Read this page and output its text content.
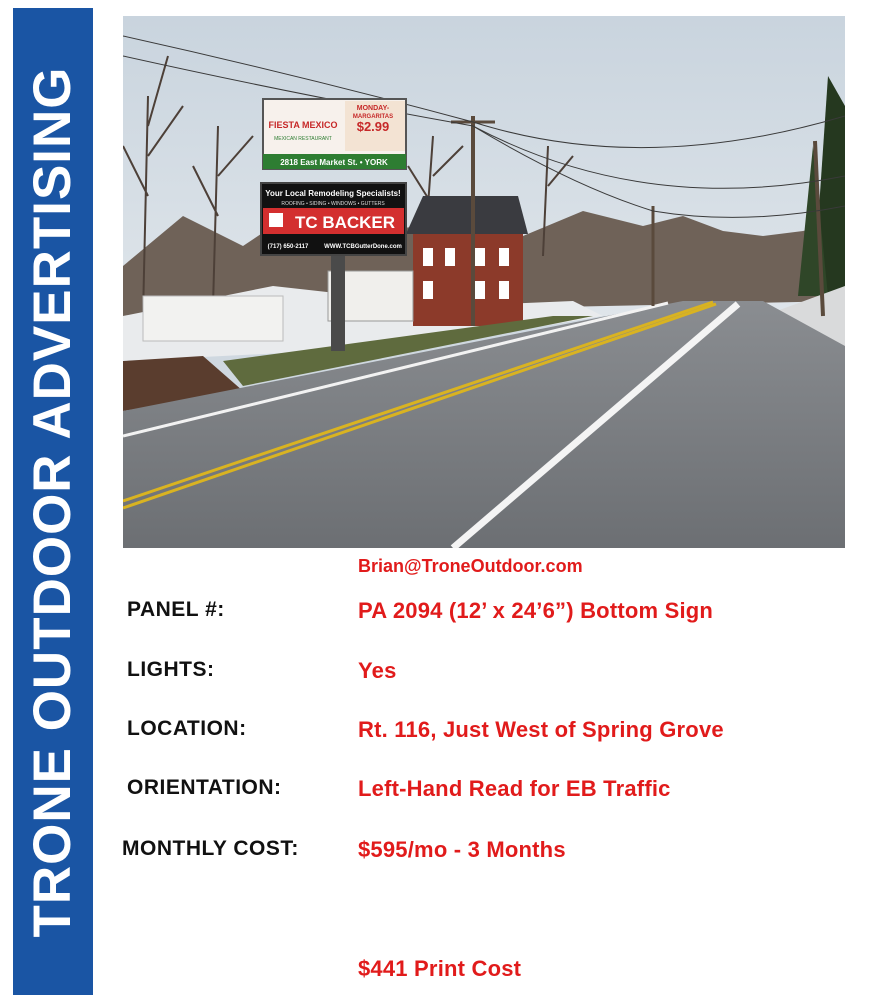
TRONE OUTDOOR ADVERTISING	MONDAY-
MARGARITAS
$2.99
FIESTA MEXICO
MEXICAN RESTAURANT
2818 East Market St. • YORK
Your Local Remodeling Specialists!
ROOFING • SIDING • WINDOWS • GUTTERS
TC BACKER
(717) 650-2117	WWW.TCBGutterDone.com
Brian@TroneOutdoor.com
PANEL #:	PA 2094 (12’ x 24’6”) Bottom Sign
LIGHTS:	Yes
LOCATION:	Rt. 116, Just West of Spring Grove
ORIENTATION:	Left-Hand Read for EB Traffic
MONTHLY COST:	$595/mo - 3 Months
$441 Print Cost
